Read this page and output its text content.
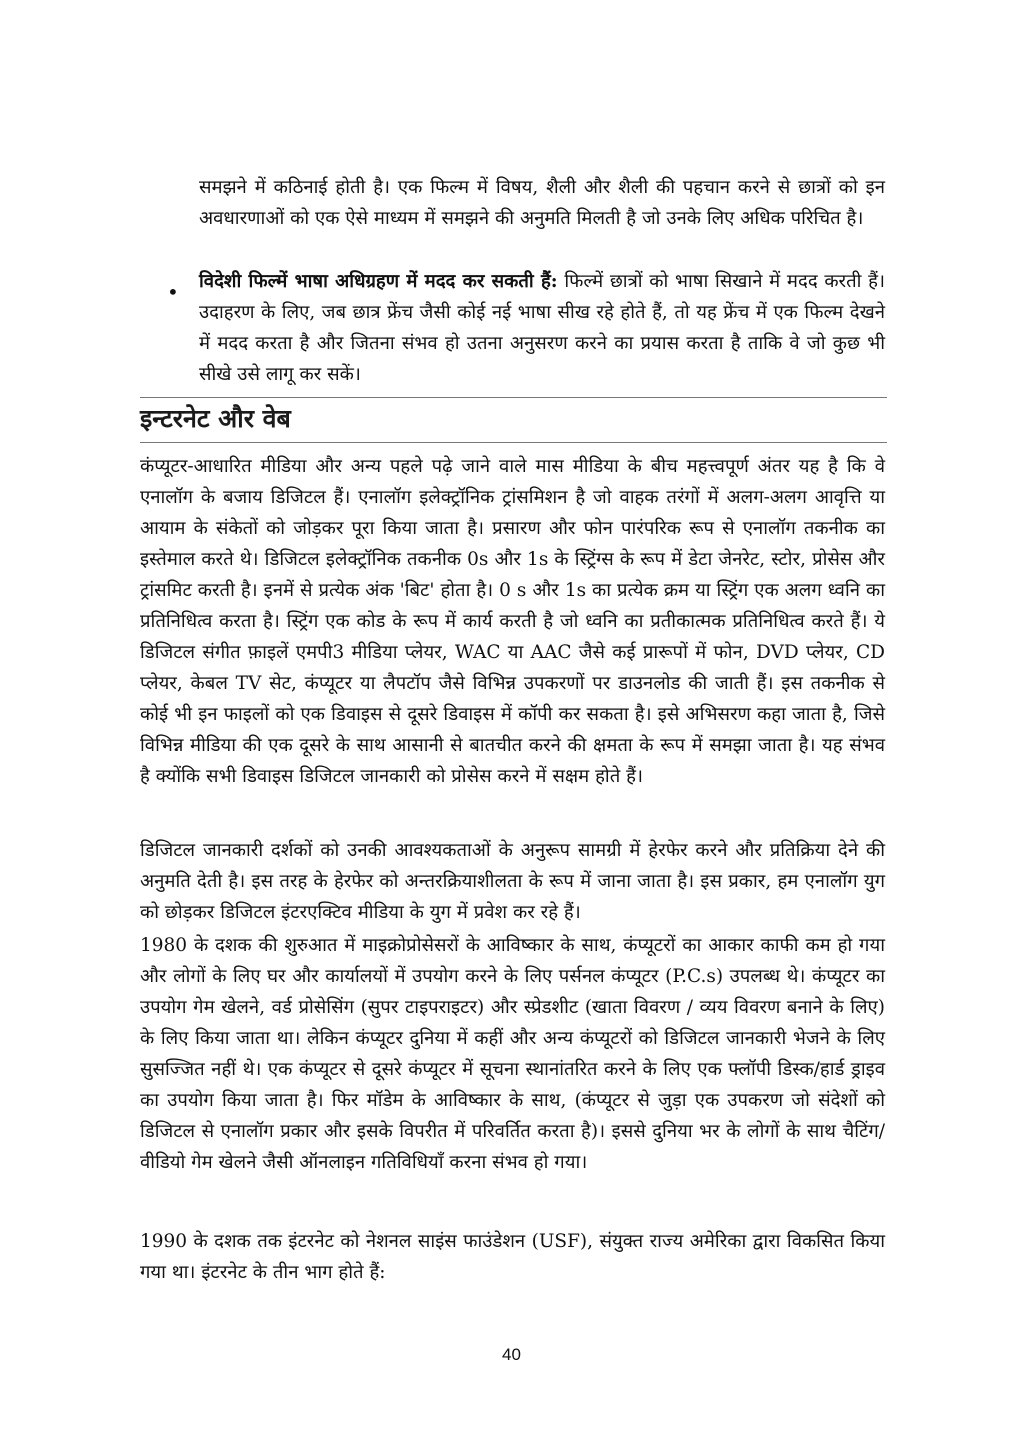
समझने में कठिनाई होती है। एक फिल्म में विषय, शैली और शैली की पहचान करने से छात्रों को इन अवधारणाओं को एक ऐसे माध्यम में समझने की अनुमति मिलती है जो उनके लिए अधिक परिचित है।

• विदेशी फिल्में भाषा अधिग्रहण में मदद कर सकती हैं: फिल्में छात्रों को भाषा सिखाने में मदद करती हैं। उदाहरण के लिए, जब छात्र फ्रेंच जैसी कोई नई भाषा सीख रहे होते हैं, तो यह फ्रेंच में एक फिल्म देखने में मदद करता है और जितना संभव हो उतना अनुसरण करने का प्रयास करता है ताकि वे जो कुछ भी सीखे उसे लागू कर सकें।

इन्टरनेट और वेब

कंप्यूटर-आधारित मीडिया और अन्य पहले पढ़े जाने वाले मास मीडिया के बीच महत्त्वपूर्ण अंतर यह है कि वे एनालॉग के बजाय डिजिटल हैं। एनालॉग इलेक्ट्रॉनिक ट्रांसमिशन है जो वाहक तरंगों में अलग-अलग आवृत्ति या आयाम के संकेतों को जोड़कर पूरा किया जाता है। प्रसारण और फोन पारंपरिक रूप से एनालॉग तकनीक का इस्तेमाल करते थे। डिजिटल इलेक्ट्रॉनिक तकनीक 0s और 1s के स्ट्रिंग्स के रूप में डेटा जेनरेट, स्टोर, प्रोसेस और ट्रांसमिट करती है। इनमें से प्रत्येक अंक 'बिट' होता है। 0 s और 1s का प्रत्येक क्रम या स्ट्रिंग एक अलग ध्वनि का प्रतिनिधित्व करता है। स्ट्रिंग एक कोड के रूप में कार्य करती है जो ध्वनि का प्रतीकात्मक प्रतिनिधित्व करते हैं। ये डिजिटल संगीत फ़ाइलें एमपी3 मीडिया प्लेयर, WAC या AAC जैसे कई प्रारूपों में फोन, DVD प्लेयर, CD प्लेयर, केबल TV सेट, कंप्यूटर या लैपटॉप जैसे विभिन्न उपकरणों पर डाउनलोड की जाती हैं। इस तकनीक से कोई भी इन फाइलों को एक डिवाइस से दूसरे डिवाइस में कॉपी कर सकता है। इसे अभिसरण कहा जाता है, जिसे विभिन्न मीडिया की एक दूसरे के साथ आसानी से बातचीत करने की क्षमता के रूप में समझा जाता है। यह संभव है क्योंकि सभी डिवाइस डिजिटल जानकारी को प्रोसेस करने में सक्षम होते हैं।

डिजिटल जानकारी दर्शकों को उनकी आवश्यकताओं के अनुरूप सामग्री में हेरफेर करने और प्रतिक्रिया देने की अनुमति देती है। इस तरह के हेरफेर को अन्तरक्रियाशीलता के रूप में जाना जाता है। इस प्रकार, हम एनालॉग युग को छोड़कर डिजिटल इंटरएक्टिव मीडिया के युग में प्रवेश कर रहे हैं।

1980 के दशक की शुरुआत में माइक्रोप्रोसेसरों के आविष्कार के साथ, कंप्यूटरों का आकार काफी कम हो गया और लोगों के लिए घर और कार्यालयों में उपयोग करने के लिए पर्सनल कंप्यूटर (P.C.s) उपलब्ध थे। कंप्यूटर का उपयोग गेम खेलने, वर्ड प्रोसेसिंग (सुपर टाइपराइटर) और स्प्रेडशीट (खाता विवरण / व्यय विवरण बनाने के लिए) के लिए किया जाता था। लेकिन कंप्यूटर दुनिया में कहीं और अन्य कंप्यूटरों को डिजिटल जानकारी भेजने के लिए सुसज्जित नहीं थे। एक कंप्यूटर से दूसरे कंप्यूटर में सूचना स्थानांतरित करने के लिए एक फ्लॉपी डिस्क/हार्ड ड्राइव का उपयोग किया जाता है। फिर मॉडेम के आविष्कार के साथ, (कंप्यूटर से जुड़ा एक उपकरण जो संदेशों को डिजिटल से एनालॉग प्रकार और इसके विपरीत में परिवर्तित करता है)। इससे दुनिया भर के लोगों के साथ चैटिंग/वीडियो गेम खेलने जैसी ऑनलाइन गतिविधियाँ करना संभव हो गया।

1990 के दशक तक इंटरनेट को नेशनल साइंस फाउंडेशन (USF), संयुक्त राज्य अमेरिका द्वारा विकसित किया गया था। इंटरनेट के तीन भाग होते हैं:

40
